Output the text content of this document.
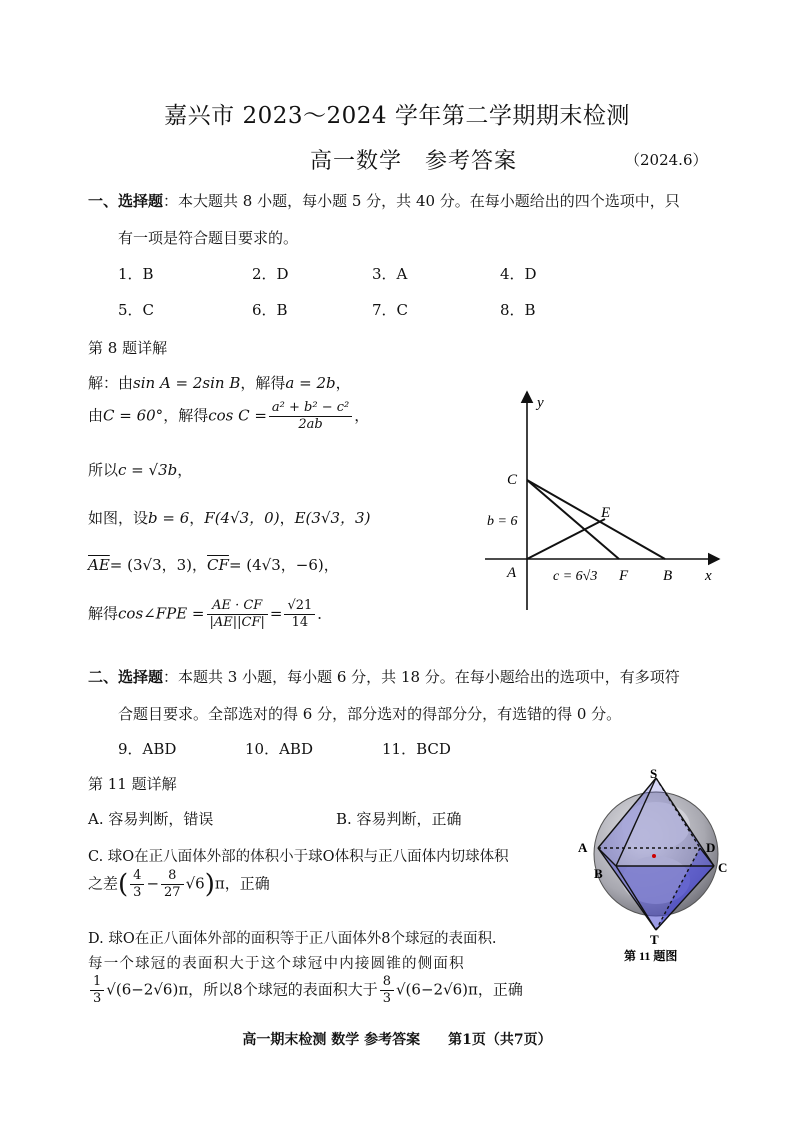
嘉兴市 2023～2024 学年第二学期期末检测
高一数学　参考答案	（2024.6）
一、选择题：本大题共 8 小题，每小题 5 分，共 40 分。在每小题给出的四个选项中，只
有一项是符合题目要求的。
1．B	2．D	3．A	4．D
5．C	6．B	7．C	8．B
第 8 题详解
解：由sin A = 2sin B，解得a = 2b，
由C = 60°，解得$\cos C = \frac{\text{a² + b² − c²}}{2ab}$ ，
所以c = √3b，
如图，设b = 6，F(4√3，0)，E(3√3，3)
$\overline{AE}= (3√3$，3)，$\overline{CF}= (4√3$，−6)，
解得cos∠FPE = $\frac{AE \cdot CF}{|AE||CF|} = \frac{√21}{14}$ ．
y
x
C
E
A	F B
b = 6
c = 6√3
二、选择题：本题共 3 小题，每小题 6 分，共 18 分。在每小题给出的选项中，有多项符
合题目要求。全部选对的得 6 分，部分选对的得部分分，有选错的得 0 分。
9．ABD	10．ABD	11．BCD
第 11 题详解
A. 容易判断，错误	B. 容易判断，正确
C. 球O在正八面体外部的体积小于球O体积与正八面体内切球体积
之差( $\frac{4}{3} - \frac{8}{27} √6)\pi$，正确
D. 球O在正八面体外部的面积等于正八面体外8个球冠的表面积.
每一个球冠的表面积大于这个球冠中内接圆锥的侧面积
$\frac{1}{3} √(6-2√6)\pi$，所以8个球冠的表面积大于 $\frac{8}{3} √(6-2√6)\pi$，正确
S
A
B
D
C
T
第 11 题图
高一期末检测 数学 参考答案　　第1页（共7页）
